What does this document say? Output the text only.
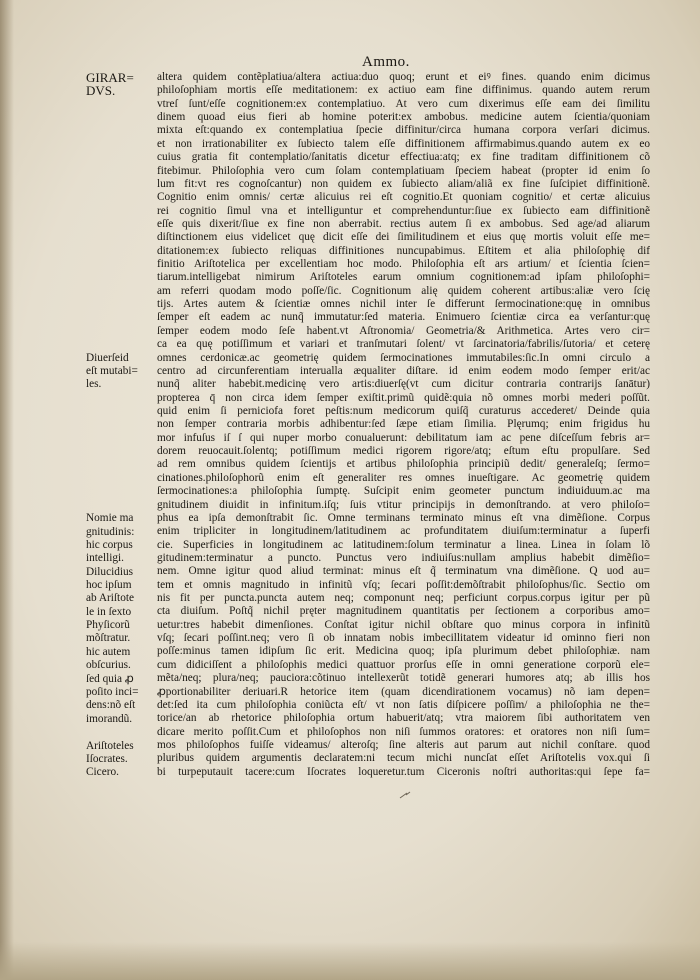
Ammo.
altera quidem contẽplatiua/altera actiua:duo quoq; erunt et eiꝰ fines. quando enim dicimus
philoſophiam mortis eſſe meditationem: ex actiuo eam fine diffinimus. quando autem rerum
vtreſ ſunt/eſſe cognitionem:ex contemplatiuo. At vero cum dixerimus eſſe eam dei ſimilitu
dinem quoad eius fieri ab homine poterit:ex ambobus. medicine autem ſcientia/quoniam
mixta eſt:quando ex contemplatiua ſpecie diffinitur/circa humana corpora verſari dicimus.
et non irrationabiliter ex ſubiecto talem eſſe diffinitionem affirmabimus.quando autem ex eo
cuius gratia fit contemplatio/ſanitatis dicetur effectiua:atq; ex fine traditam diffinitionem cõ
fitebimur. Philoſophia vero cum ſolam contemplatiuam ſpeciem habeat (propter id enim ſo
lum fit:vt res cognoſcantur) non quidem ex ſubiecto aliam/aliã ex fine ſuſcipiet diffinitionẽ.
Cognitio enim omnis/ certæ alicuius rei eſt cognitio.Et quoniam cognitio/ et certæ alicuius
rei cognitio ſimul vna et intelliguntur et comprehenduntur:ſiue ex ſubiecto eam diffinitionẽ
eſſe quis dixerit/ſiue ex fine non aberrabit. rectius autem ſi ex ambobus. Sed age/ad aliarum
diſtinctionem eius videlicet quę dicit eſſe dei ſimilitudinem et eius quę mortis voluit eſſe me=
ditationem:ex ſubiecto reliquas diffinitiones nuncupabimus. Eſtitem et alia philoſophię dif
finitio Ariſtotelica per excellentiam hoc modo. Philoſophia eſt ars artium/ et ſcientia ſcien=
tiarum.intelligebat nimirum Ariſtoteles earum omnium cognitionem:ad ipſam philoſophi=
am referri quodam modo poſſe/ſic. Cognitionum alię quidem coherent artibus:aliæ vero ſcię
tijs. Artes autem & ſcientiæ omnes nichil inter ſe differunt ſermocinatione:quę in omnibus
ſemper eſt eadem ac nunq̃ immutatur:ſed materia. Enimuero ſcientiæ circa ea verſantur:quę
ſemper eodem modo ſeſe habent.vt Aſtronomia/ Geometria/& Arithmetica. Artes vero cir=
ca ea quę potiſſimum et variari et tranſmutari ſolent/ vt ſarcinatoria/fabrilis/ſutoria/ et ceterę
omnes cerdonicæ.ac geometrię quidem ſermocinationes immutabiles:ſic.In omni circulo a
centro ad circunferentiam interualla æqualiter diſtare. id enim eodem modo ſemper erit/ac
nunq̃ aliter habebit.medicinę vero artis:diuerſę(vt cum dicitur contraria contrarijs ſanātur)
propterea q̄ non circa idem ſemper exiſtit.primũ quidẽ:quia nõ omnes morbi mederi poſſũt.
quid enim ſi perniciofa foret peſtis:num medicorum quiſq̃ curaturus accederet/ Deinde quia
non ſemper contraria morbis adhibentur:ſed ſæpe etiam ſimilia. Plęrumq; enim frigidus hu
mor infuſus iſ ſ qui nuper morbo conualuerunt: debilitatum iam ac pene diſceſſum febris ar=
dorem reuocauit.ſolentq; potiſſimum medici rigorem rigore/atq; eſtum eſtu propulſare. Sed
ad rem omnibus quidem ſcientijs et artibus philoſophia principiũ dedit/ generaleſq; ſermo=
cinationes.philoſophorũ enim eſt generaliter res omnes inueſtigare. Ac geometrię quidem
ſermocinationes:a philoſophia ſumptę. Suſcipit enim geometer punctum indiuiduum.ac ma
gnitudinem diuidit in infinitum.iſq; ſuis vtitur principijs in demonſtrando. at vero philoſo=
phus ea ipſa demonſtrabit ſic. Omne terminans terminato minus eſt vna dimẽſione. Corpus
enim tripliciter in longitudinem/latitudinem ac profunditatem diuiſum:terminatur a ſuperfi
cie. Superficies in longitudinem ac latitudinem:ſolum terminatur a linea. Linea in ſolam lõ
gitudinem:terminatur a puncto. Punctus vero indiuiſus:nullam amplius habebit dimẽſio=
nem. Omne igitur quod aliud terminat: minus eſt q̃ terminatum vna dimẽſione. Q uod au=
tem et omnis magnitudo in infinitũ vſq; ſecari poſſit:demõſtrabit philoſophus/ſic. Sectio om
nis fit per puncta.puncta autem neq; componunt neq; perficiunt corpus.corpus igitur per pũ
cta diuiſum. Poſtq̃ nichil pręter magnitudinem quantitatis per ſectionem a corporibus amo=
uetur:tres habebit dimenſiones. Conſtat igitur nichil obſtare quo minus corpora in infinitũ
vſq; ſecari poſſint.neq; vero ſi ob innatam nobis imbecillitatem videatur id ominno fieri non
poſſe:minus tamen idipſum ſic erit. Medicina quoq; ipſa plurimum debet philoſophiæ. nam
cum didiciſſent a philoſophis medici quattuor prorſus eſſe in omni generatione corporũ ele=
mẽta/neq; plura/neq; pauciora:cõtinuo intellexerũt totidẽ generari humores atq; ab illis hos
ꝓportionabiliter deriuari.R hetorice item (quam dicendirationem vocamus) nõ iam depen=
det:ſed ita cum philoſophia coniũcta eſt/ vt non ſatis diſpicere poſſim/ a philoſophia ne the=
torice/an ab rhetorice philoſophia ortum habuerit/atq; vtra maiorem ſibi authoritatem ven
dicare merito poſſit.Cum et philoſophos non niſi ſummos oratores: et oratores non niſi ſum=
mos philoſophos fuiſſe videamus/ alteroſq; ſine alteris aut parum aut nichil conſtare. quod
pluribus quidem argumentis declaratem:ni tecum michi nuncſat eſſet Ariſtotelis vox.qui ſi
bi turpeputauit tacere:cum Iſocrates loqueretur.tum Ciceronis noſtri authoritas:qui ſepe fa=
GIRAR=
DVS.
Diuerſeid
eſt mutabi=
les.
Nomie ma
gnitudinis:
hic corpus
intelligi.
Dilucidius
hoc ipſum
ab Ariſtote
le in ſexto
Phyſicorũ
mõſtratur.
hic autem
obſcurius.
ſed quia ꝓ
poſito inci=
dens:nõ eſt
imorandũ.
Ariſtoteles
Iſocrates.
Cicero.
